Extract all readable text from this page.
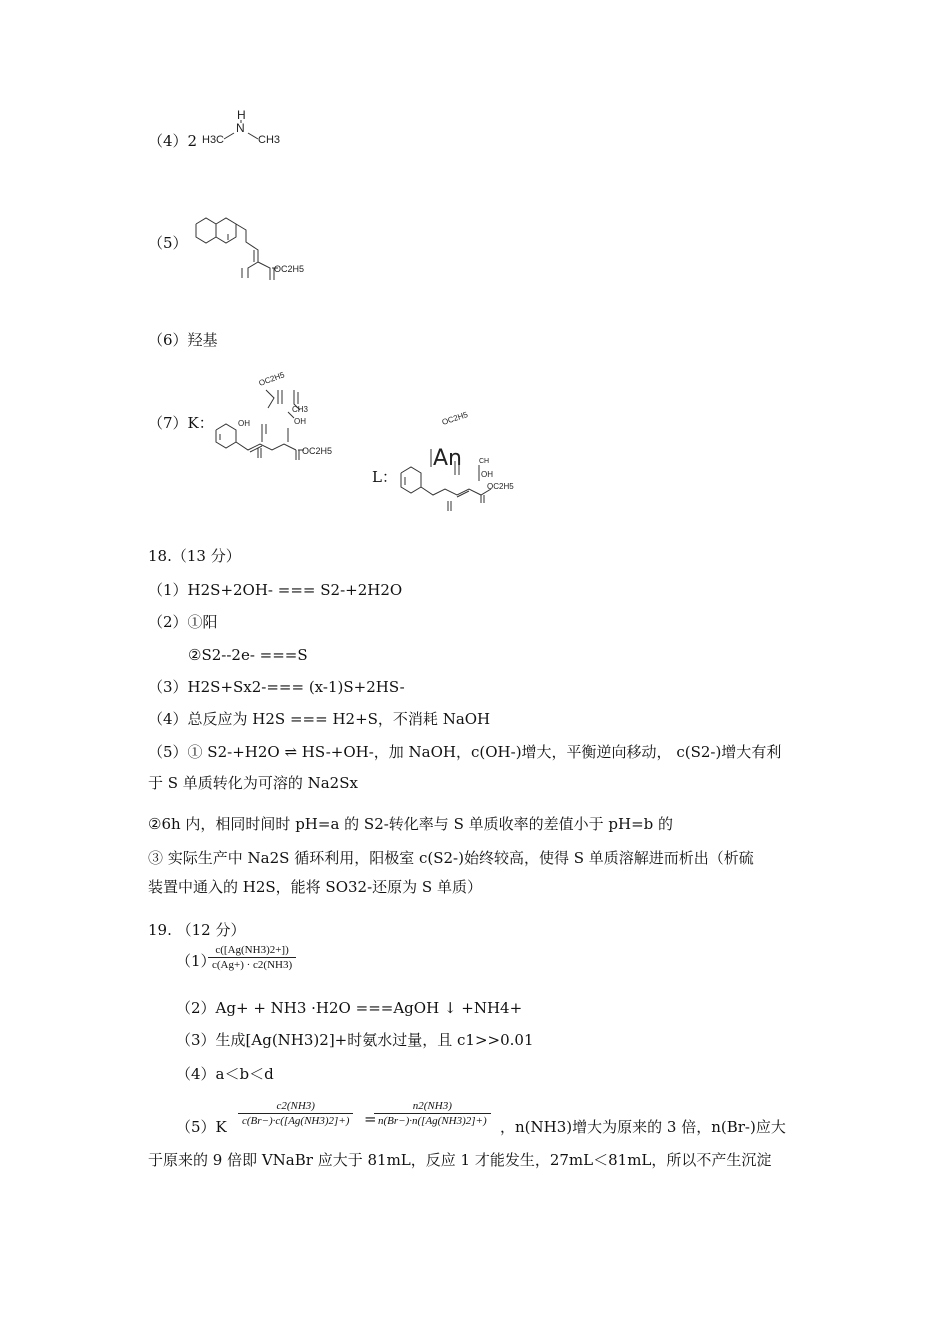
（4）2
H
N
H3C	CH3
（5）
OC2H5
（6）羟基
（7）K：
OC2H5
CH3
OH
OH
OC2H5
L：
OC2H5
An CH
OH
OC2H5
18.（13 分）
（1）H2S+2OH- === S2-+2H2O
（2）①阳
②S2--2e- ===S
（3）H2S+Sx2-=== (x-1)S+2HS-
（4）总反应为 H2S === H2+S，不消耗 NaOH
（5）① S2-+H2O ⇌ HS-+OH-，加 NaOH，c(OH-)增大，平衡逆向移动， c(S2-)增大有利
于 S 单质转化为可溶的 Na2Sx
②6h 内，相同时间时 pH=a 的 S2-转化率与 S 单质收率的差值小于 pH=b 的
③ 实际生产中 Na2S 循环利用，阳极室 c(S2-)始终较高，使得 S 单质溶解进而析出（析硫
装置中通入的 H2S，能将 SO32-还原为 S 单质）
19. （12 分）
（1）
$\frac{c([Ag(NH3)2+])}{c(Ag+) \cdot c2(NH3)}$
（2）Ag+ + NH3 ·H2O ===AgOH ↓ +NH4+
（3）生成[Ag(NH3)2]+时氨水过量，且 c1>>0.01
（4）a＜b＜d
$(5)K \frac{c2(NH3)}{c(Br-)\cdot c([Ag(NH3)2]+)}$ =
$\frac{n2(NH3)}{n(Br-)\cdot n([Ag(NH3)2]+)}$ ，n(NH3)增大为原来的 3 倍，n(Br-)应大
于原来的 9 倍即 VNaBr 应大于 81mL，反应 1 才能发生，27mL＜81mL，所以不产生沉淀
